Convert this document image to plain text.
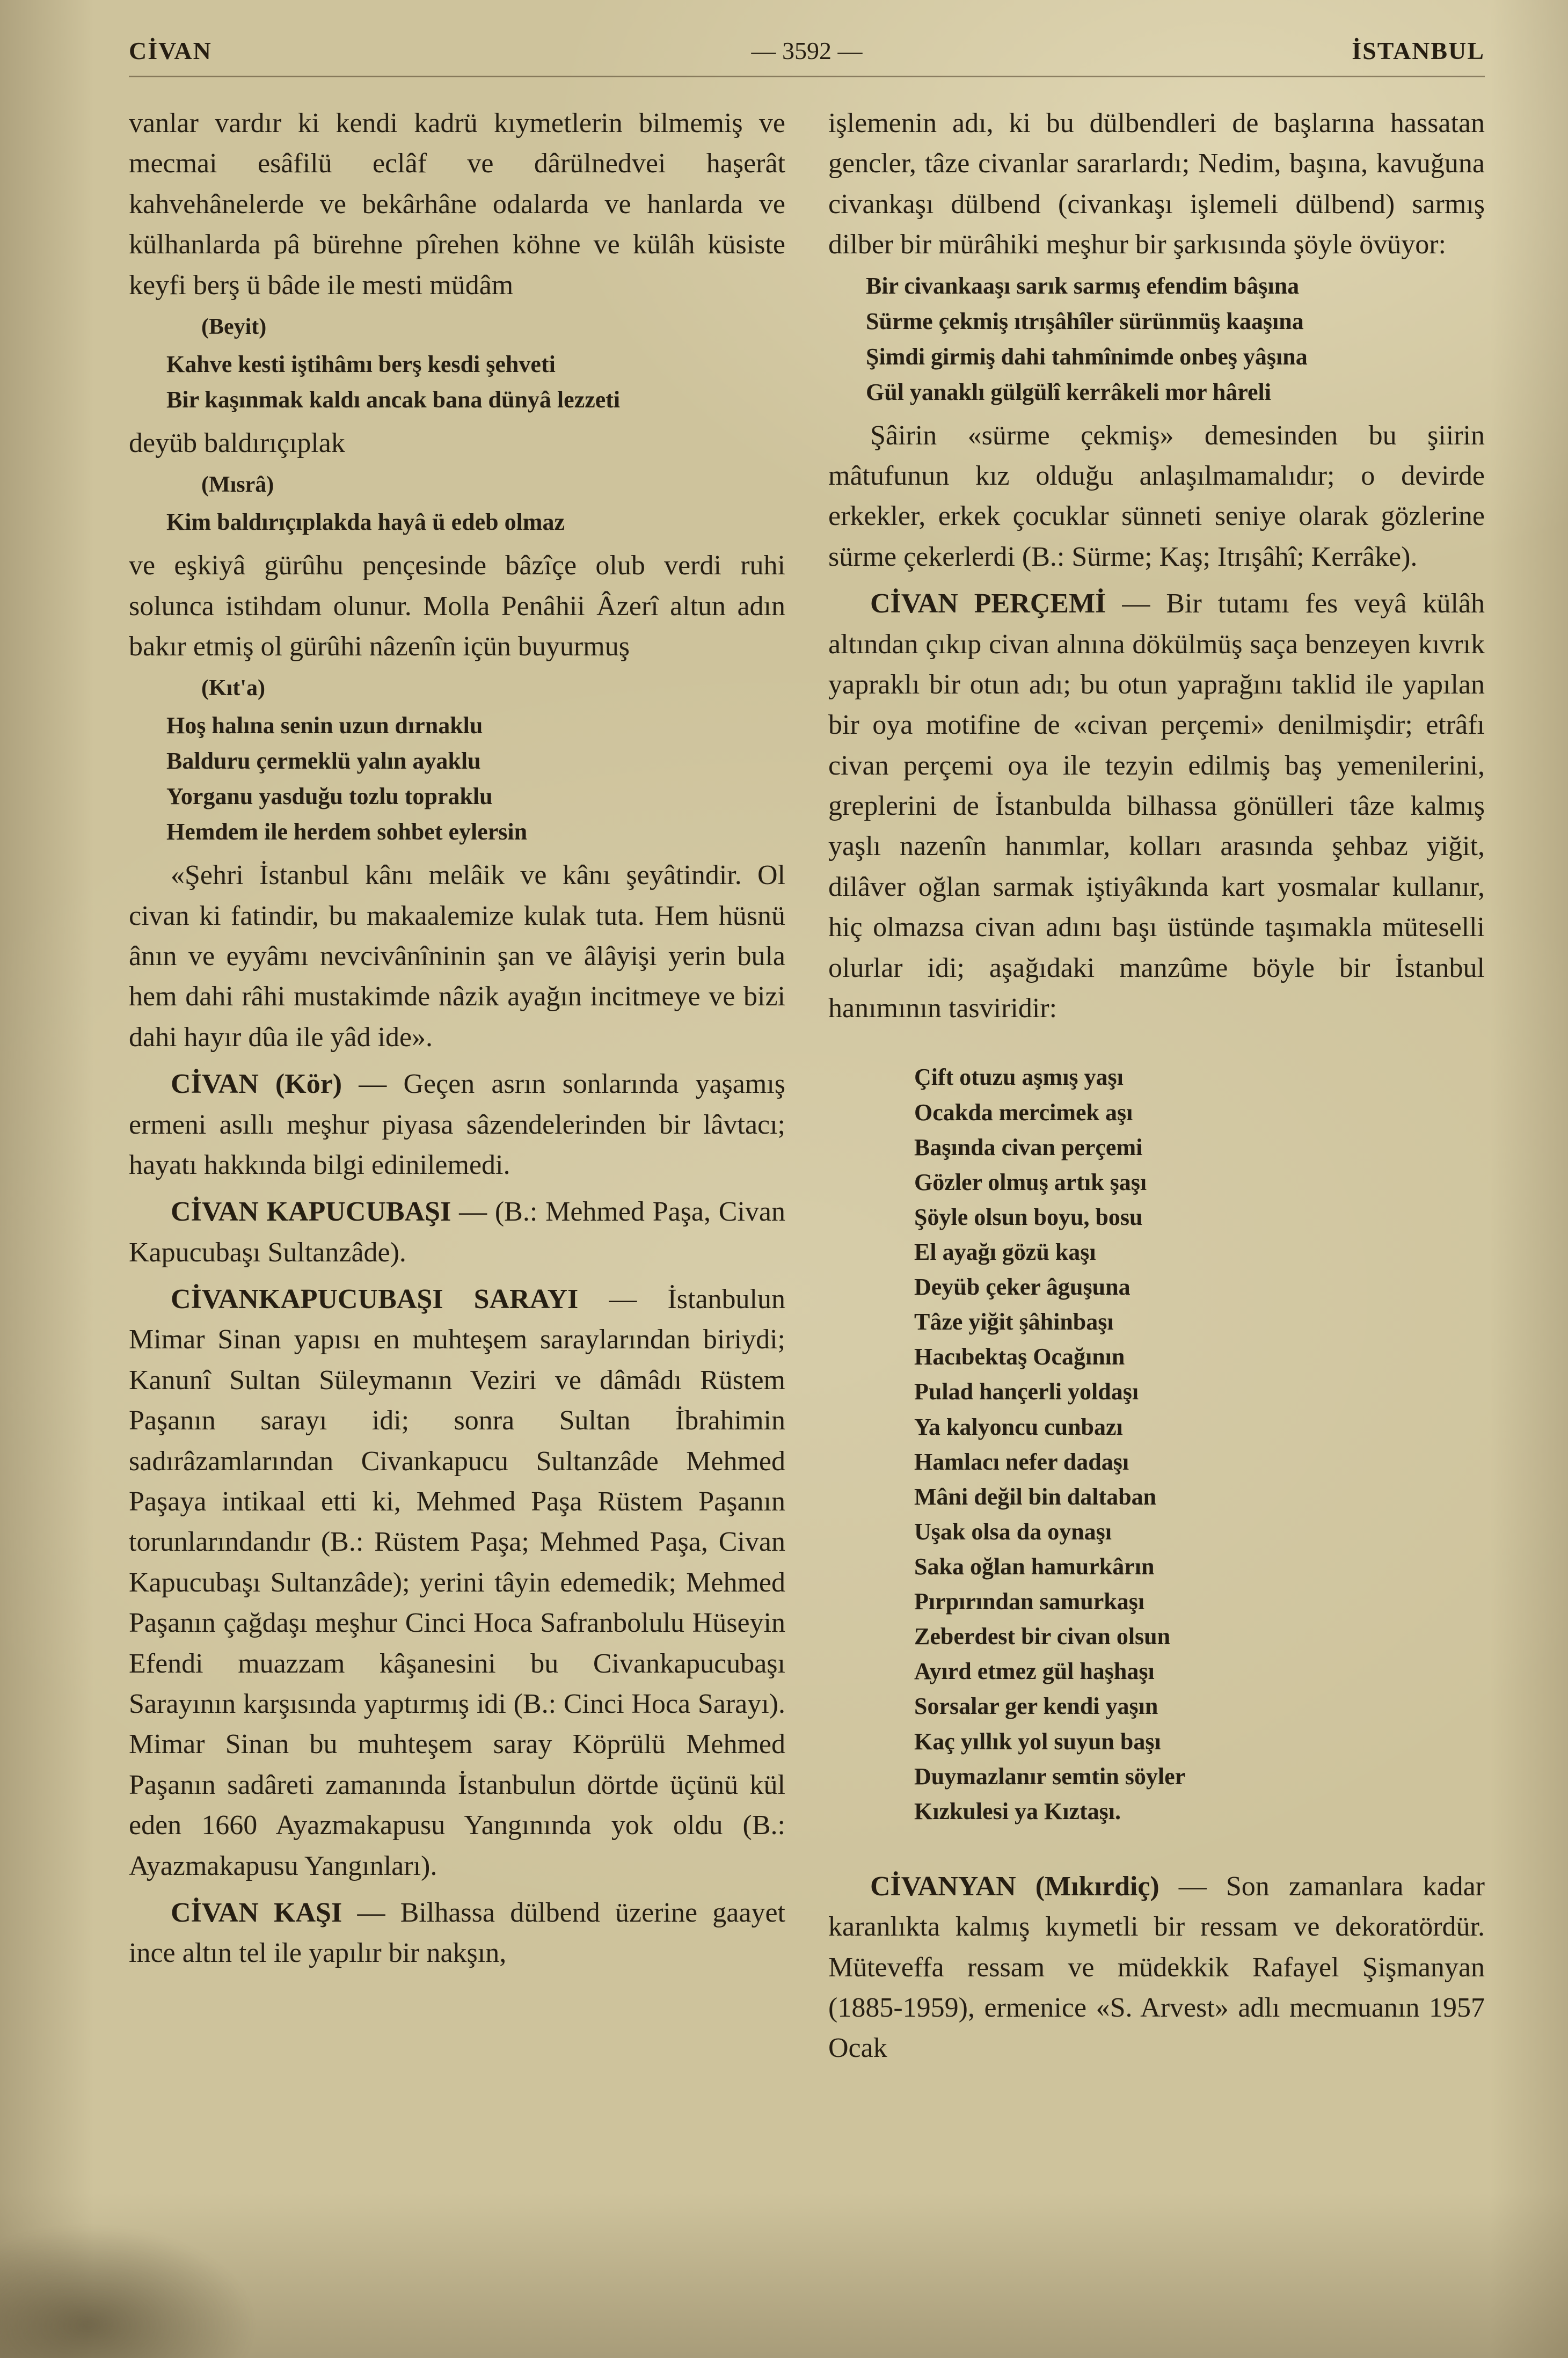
CİVAN	— 3592 —	İSTANBUL

vanlar vardır ki kendi kadrü kıymetlerin bilmemiş ve mecmai esâfilü eclâf ve dârülnedvei haşerât kahvehânelerde ve bekârhâne odalarda ve hanlarda ve külhanlarda pâ bürehne pîrehen köhne ve külâh küsiste keyfi berş ü bâde ile mesti müdâm

(Beyit)

Kahve kesti iştihâmı berş kesdi şehveti
Bir kaşınmak kaldı ancak bana dünyâ lezzeti

deyüb baldırıçıplak

(Mısrâ)

Kim baldırıçıplakda hayâ ü edeb olmaz

ve eşkiyâ gürûhu pençesinde bâzîçe olub verdi ruhi solunca istihdam olunur. Molla Penâhii Âzerî altun adın bakır etmiş ol gürûhi nâzenîn içün buyurmuş

(Kıt'a)

Hoş halına senin uzun dırnaklu
Balduru çermeklü yalın ayaklu
Yorganu yasduğu tozlu topraklu
Hemdem ile herdem sohbet eylersin

«Şehri İstanbul kânı melâik ve kânı şeyâtindir. Ol civan ki fatindir, bu makaalemize kulak tuta. Hem hüsnü ânın ve eyyâmı nevcivânîninin şan ve âlâyişi yerin bula hem dahi râhi mustakimde nâzik ayağın incitmeye ve bizi dahi hayır dûa ile yâd ide».

CİVAN (Kör) — Geçen asrın sonlarında yaşamış ermeni asıllı meşhur piyasa sâzendelerinden bir lâvtacı; hayatı hakkında bilgi edinilemedi.

CİVAN KAPUCUBAŞI — (B.: Mehmed Paşa, Civan Kapucubaşı Sultanzâde).

CİVANKAPUCUBAŞI SARAYI — İstanbulun Mimar Sinan yapısı en muhteşem saraylarından biriydi; Kanunî Sultan Süleymanın Veziri ve dâmâdı Rüstem Paşanın sarayı idi; sonra Sultan İbrahimin sadırâzamlarından Civankapucu Sultanzâde Mehmed Paşaya intikaal etti ki, Mehmed Paşa Rüstem Paşanın torunlarındandır (B.: Rüstem Paşa; Mehmed Paşa, Civan Kapucubaşı Sultanzâde); yerini tâyin edemedik; Mehmed Paşanın çağdaşı meşhur Cinci Hoca Safranbolulu Hüseyin Efendi muazzam kâşanesini bu Civankapucubaşı Sarayının karşısında yaptırmış idi (B.: Cinci Hoca Sarayı). Mimar Sinan bu muhteşem saray Köprülü Mehmed Paşanın sadâreti zamanında İstanbulun dörtde üçünü kül eden 1660 Ayazmakapusu Yangınında yok oldu (B.: Ayazmakapusu Yangınları).

CİVAN KAŞI — Bilhassa dülbend üzerine gaayet ince altın tel ile yapılır bir nakşın,

işlemenin adı, ki bu dülbendleri de başlarına hassatan gencler, tâze civanlar sararlardı; Nedim, başına, kavuğuna civankaşı dülbend (civankaşı işlemeli dülbend) sarmış dilber bir mürâhiki meşhur bir şarkısında şöyle övüyor:

Bir civankaaşı sarık sarmış efendim bâşına
Sürme çekmiş ıtrışâhîler sürünmüş kaaşına
Şimdi girmiş dahi tahmînimde onbeş yâşına
Gül yanaklı gülgülî kerrâkeli mor hâreli

Şâirin «sürme çekmiş» demesinden bu şiirin mâtufunun kız olduğu anlaşılmamalıdır; o devirde erkekler, erkek çocuklar sünneti seniye olarak gözlerine sürme çekerlerdi (B.: Sürme; Kaş; Itrışâhî; Kerrâke).

CİVAN PERÇEMİ — Bir tutamı fes veyâ külâh altından çıkıp civan alnına dökülmüş saça benzeyen kıvrık yapraklı bir otun adı; bu otun yaprağını taklid ile yapılan bir oya motifine de «civan perçemi» denilmişdir; etrâfı civan perçemi oya ile tezyin edilmiş baş yemenilerini, greplerini de İstanbulda bilhassa gönülleri tâze kalmış yaşlı nazenîn hanımlar, kolları arasında şehbaz yiğit, dilâver oğlan sarmak iştiyâkında kart yosmalar kullanır, hiç olmazsa civan adını başı üstünde taşımakla müteselli olurlar idi; aşağıdaki manzûme böyle bir İstanbul hanımının tasviridir:

Çift otuzu aşmış yaşı
Ocakda mercimek aşı
Başında civan perçemi
Gözler olmuş artık şaşı
Şöyle olsun boyu, bosu
El ayağı gözü kaşı
Deyüb çeker âguşuna
Tâze yiğit şâhinbaşı
Hacıbektaş Ocağının
Pulad hançerli yoldaşı
Ya kalyoncu cunbazı
Hamlacı nefer dadaşı
Mâni değil bin daltaban
Uşak olsa da oynaşı
Saka oğlan hamurkârın
Pırpırından samurkaşı
Zeberdest bir civan olsun
Ayırd etmez gül haşhaşı
Sorsalar ger kendi yaşın
Kaç yıllık yol suyun başı
Duymazlanır semtin söyler
Kızkulesi ya Kıztaşı.

CİVANYAN (Mıkırdiç) — Son zamanlara kadar karanlıkta kalmış kıymetli bir ressam ve dekoratördür. Müteveffa ressam ve müdekkik Rafayel Şişmanyan (1885-1959), ermenice «S. Arvest» adlı mecmuanın 1957 Ocak
